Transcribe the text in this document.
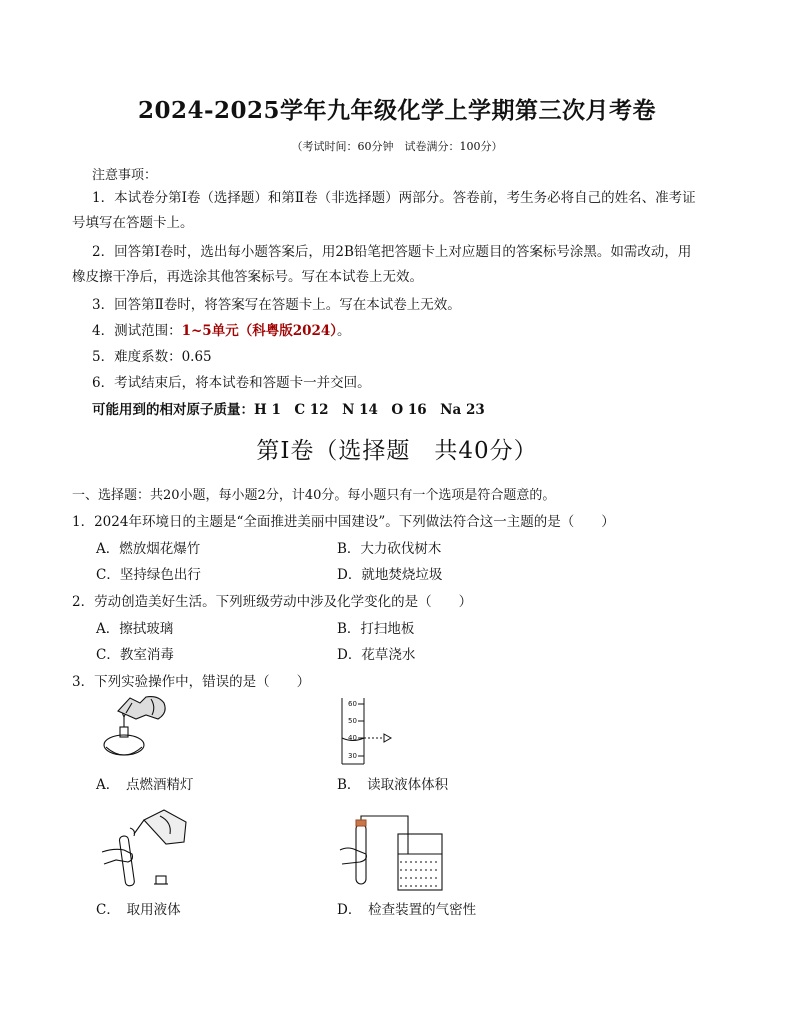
2024-2025学年九年级化学上学期第三次月考卷
（考试时间：60分钟　试卷满分：100分）
注意事项：
1．本试卷分第Ⅰ卷（选择题）和第Ⅱ卷（非选择题）两部分。答卷前，考生务必将自己的姓名、准考证
号填写在答题卡上。
2．回答第Ⅰ卷时，选出每小题答案后，用2B铅笔把答题卡上对应题目的答案标号涂黑。如需改动，用
橡皮擦干净后，再选涂其他答案标号。写在本试卷上无效。
3．回答第Ⅱ卷时，将答案写在答题卡上。写在本试卷上无效。
4．测试范围：1~5单元（科粤版2024）。
5．难度系数：0.65
6．考试结束后，将本试卷和答题卡一并交回。
可能用到的相对原子质量：H 1　C 12　N 14　O 16　Na 23
第Ⅰ卷（选择题　共40分）
一、选择题：共20小题，每小题2分，计40分。每小题只有一个选项是符合题意的。
1．2024年环境日的主题是“全面推进美丽中国建设”。下列做法符合这一主题的是（　　）
A．燃放烟花爆竹	B．大力砍伐树木
C．坚持绿色出行	D．就地焚烧垃圾
2．劳动创造美好生活。下列班级劳动中涉及化学变化的是（　　）
A．擦拭玻璃	B．打扫地板
C．教室消毒	D．花草浇水
3．下列实验操作中，错误的是（　　）
A．　点燃酒精灯
60
50
40
30
B．　读取液体体积
C．　取用液体	D．　检查装置的气密性
